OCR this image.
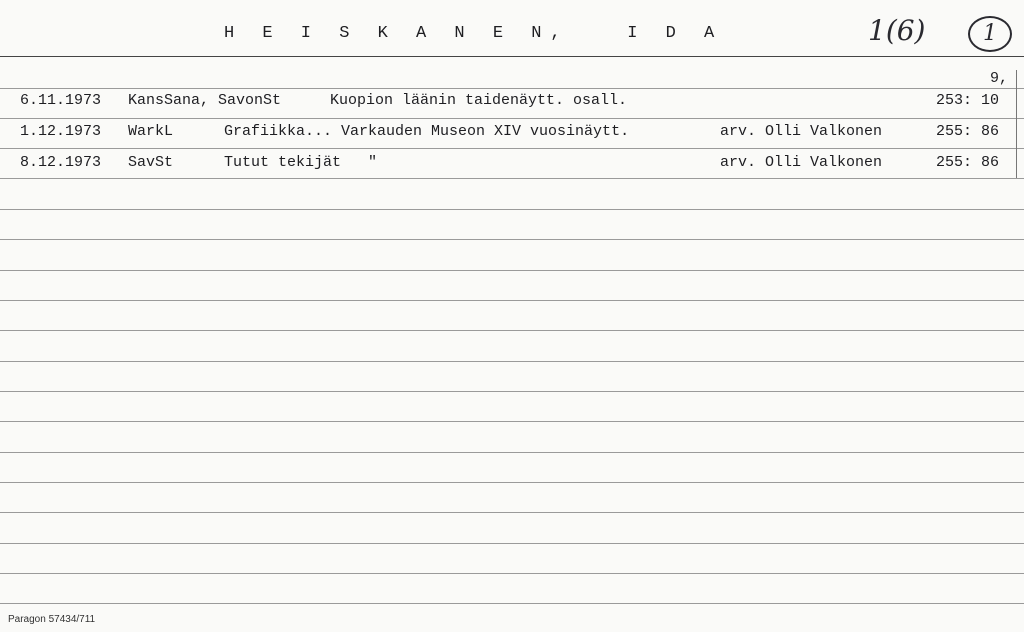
H E I S K A N E N,   I D A	1(6)	1
9,
6.11.1973 KansSana, SavonSt	Kuopion läänin taidenäytt. osall.	253: 10
1.12.1973 WarkL	Grafiikka... Varkauden Museon XIV vuosinäytt.	arv. Olli Valkonen	255: 86
8.12.1973 SavSt	Tutut tekijät   "	arv. Olli Valkonen	255: 86
Paragon 57434/711
